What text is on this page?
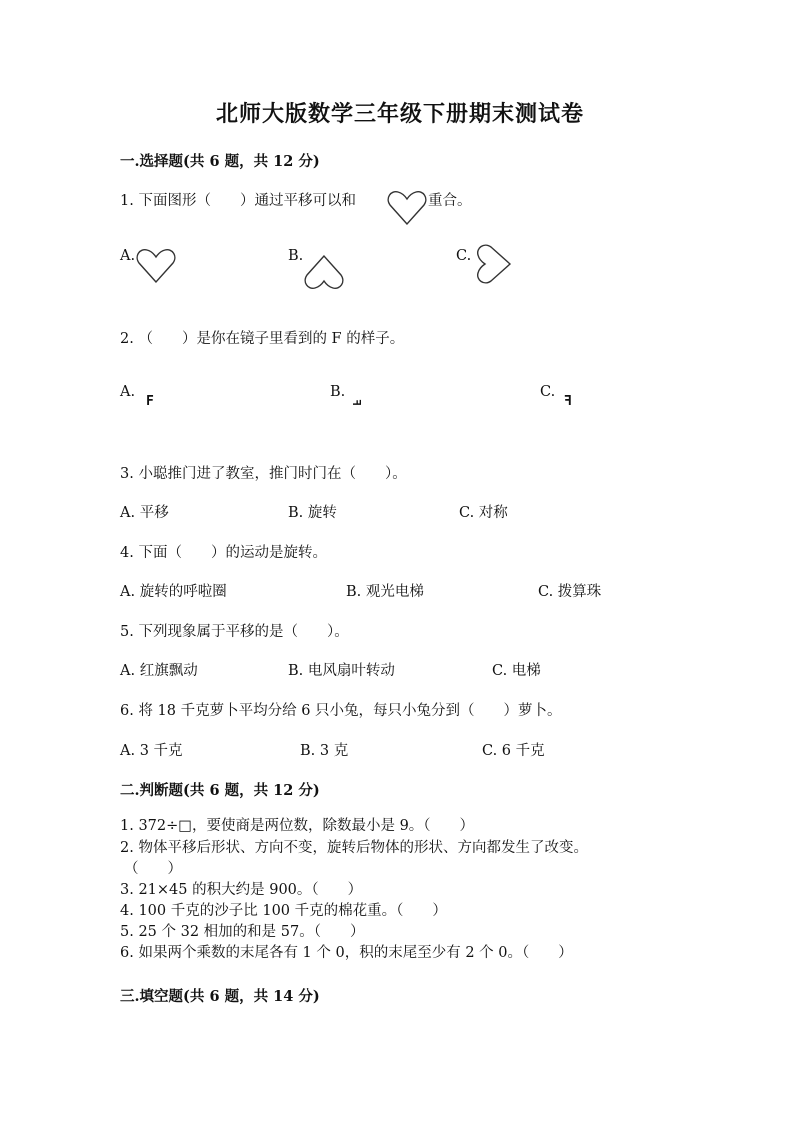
北师大版数学三年级下册期末测试卷
一.选择题(共 6 题，共 12 分)
1. 下面图形（　　）通过平移可以和	重合。
A.	B.	C.
2. （　　）是你在镜子里看到的 F 的样子。
A.
F
B.
F
C.
F
3. 小聪推门进了教室，推门时门在（　　）。
A. 平移	B. 旋转	C. 对称
4. 下面（　　）的运动是旋转。
A. 旋转的呼啦圈	B. 观光电梯	C. 拨算珠
5. 下列现象属于平移的是（　　）。
A. 红旗飘动	B. 电风扇叶转动	C. 电梯
6. 将 18 千克萝卜平均分给 6 只小兔，每只小兔分到（　　）萝卜。
A. 3 千克	B. 3 克	C. 6 千克
二.判断题(共 6 题，共 12 分)
1. 372÷□，要使商是两位数，除数最小是 9。（　　）
2. 物体平移后形状、方向不变，旋转后物体的形状、方向都发生了改变。
（　　）
3. 21×45 的积大约是 900。（　　）
4. 100 千克的沙子比 100 千克的棉花重。（　　）
5. 25 个 32 相加的和是 57。（　　）
6. 如果两个乘数的末尾各有 1 个 0，积的末尾至少有 2 个 0。（　　）
三.填空题(共 6 题，共 14 分)
